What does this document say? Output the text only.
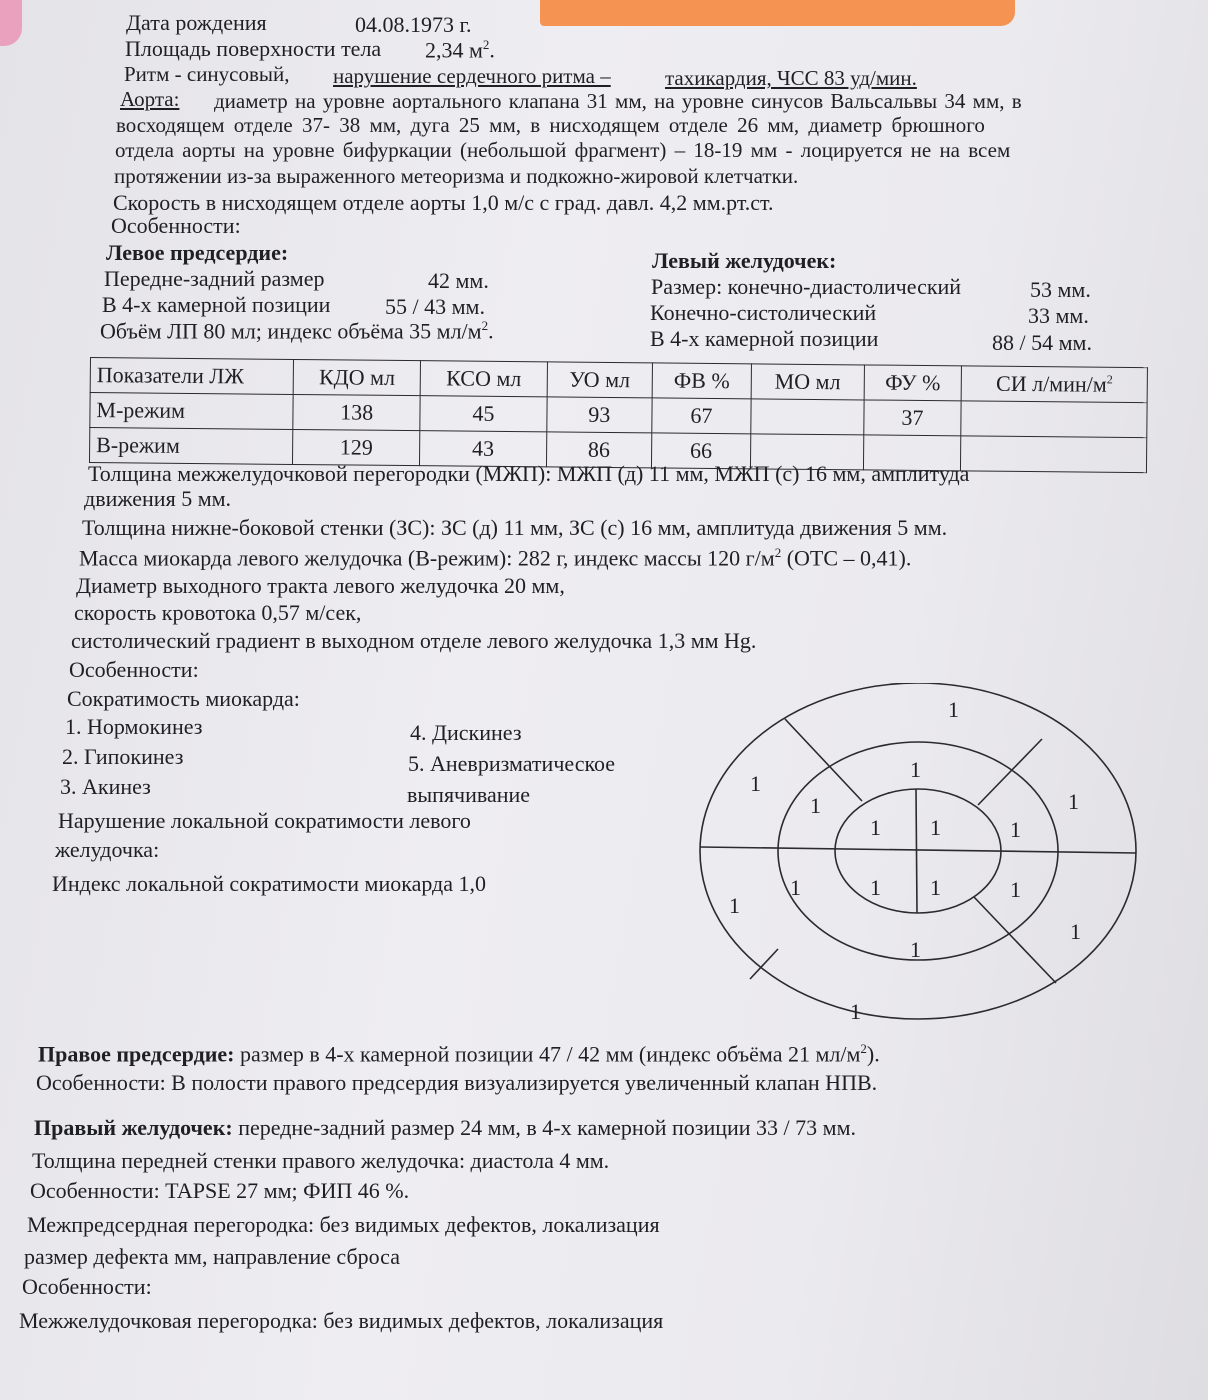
Дата рождения	04.08.1973 г.
Площадь поверхности тела 2,34 $м^2$.
Ритм - синусовый, нарушение сердечного ритма –	тахикардия, ЧСС 83 уд/мин.
Аорта: диаметр на уровне аортального клапана 31 мм, на уровне синусов Вальсальвы 34 мм, в
восходящем отделе 37- 38 мм, дуга 25 мм, в нисходящем отделе 26 мм, диаметр брюшного
отдела аорты на уровне бифуркации (небольшой фрагмент) – 18-19 мм - лоцируется не на всем
протяжении из-за выраженного метеоризма и подкожно-жировой клетчатки.
Скорость в нисходящем отделе аорты 1,0 м/с с град. давл. 4,2 мм.рт.ст.
Особенности:
Левое предсердие:
Передне-задний размер	42 мм.
В 4-х камерной позиции 55 / 43 мм.
Объём ЛП 80 мл; индекс объёма 35 $мл/м^2$.
Левый желудочек:
Размер: конечно-диастолический	53 мм.
Конечно-систолический	33 мм.
В 4-х камерной позиции	88 / 54 мм.
Показатели ЛЖ	КДО мл	КСО мл	УО мл	ФВ %	МО мл	ФУ %	СИ $л/мин/м^2$
М-режим	138	45	93	67		37	
В-режим	129	43	86	66			
Толщина межжелудочковой перегородки (МЖП): МЖП (д) 11 мм, МЖП (с) 16 мм, амплитуда
движения 5 мм.
Толщина нижне-боковой стенки (ЗС): ЗС (д) 11 мм, ЗС (с) 16 мм, амплитуда движения 5 мм.
Масса миокарда левого желудочка (В-режим): 282 г, индекс массы 120 $г/м^2$ (ОТС – 0,41).
Диаметр выходного тракта левого желудочка 20 мм,
скорость кровотока 0,57 м/сек,
систолический градиент в выходном отделе левого желудочка 1,3 мм Hg.
Особенности:
Сократимость миокарда:
1. Нормокинез
2. Гипокинез
3. Акинез
4. Дискинез
5. Аневризматическое
выпячивание
Нарушение локальной сократимости левого
желудочка:
Индекс локальной сократимости миокарда 1,0
1
1
1
1
1
1
1
1
1
1	1
1
1 1
1 1
Правое предсердие: размер в 4-х камерной позиции 47 / 42 мм (индекс объёма 21 $мл/м^2$).
Особенности: В полости правого предсердия визуализируется увеличенный клапан НПВ.
Правый желудочек: передне-задний размер 24 мм, в 4-х камерной позиции 33 / 73 мм.
Толщина передней стенки правого желудочка: диастола 4 мм.
Особенности: TAPSE 27 мм; ФИП 46 %.
Межпредсердная перегородка: без видимых дефектов, локализация
размер дефекта мм, направление сброса
Особенности:
Межжелудочковая перегородка: без видимых дефектов, локализация
